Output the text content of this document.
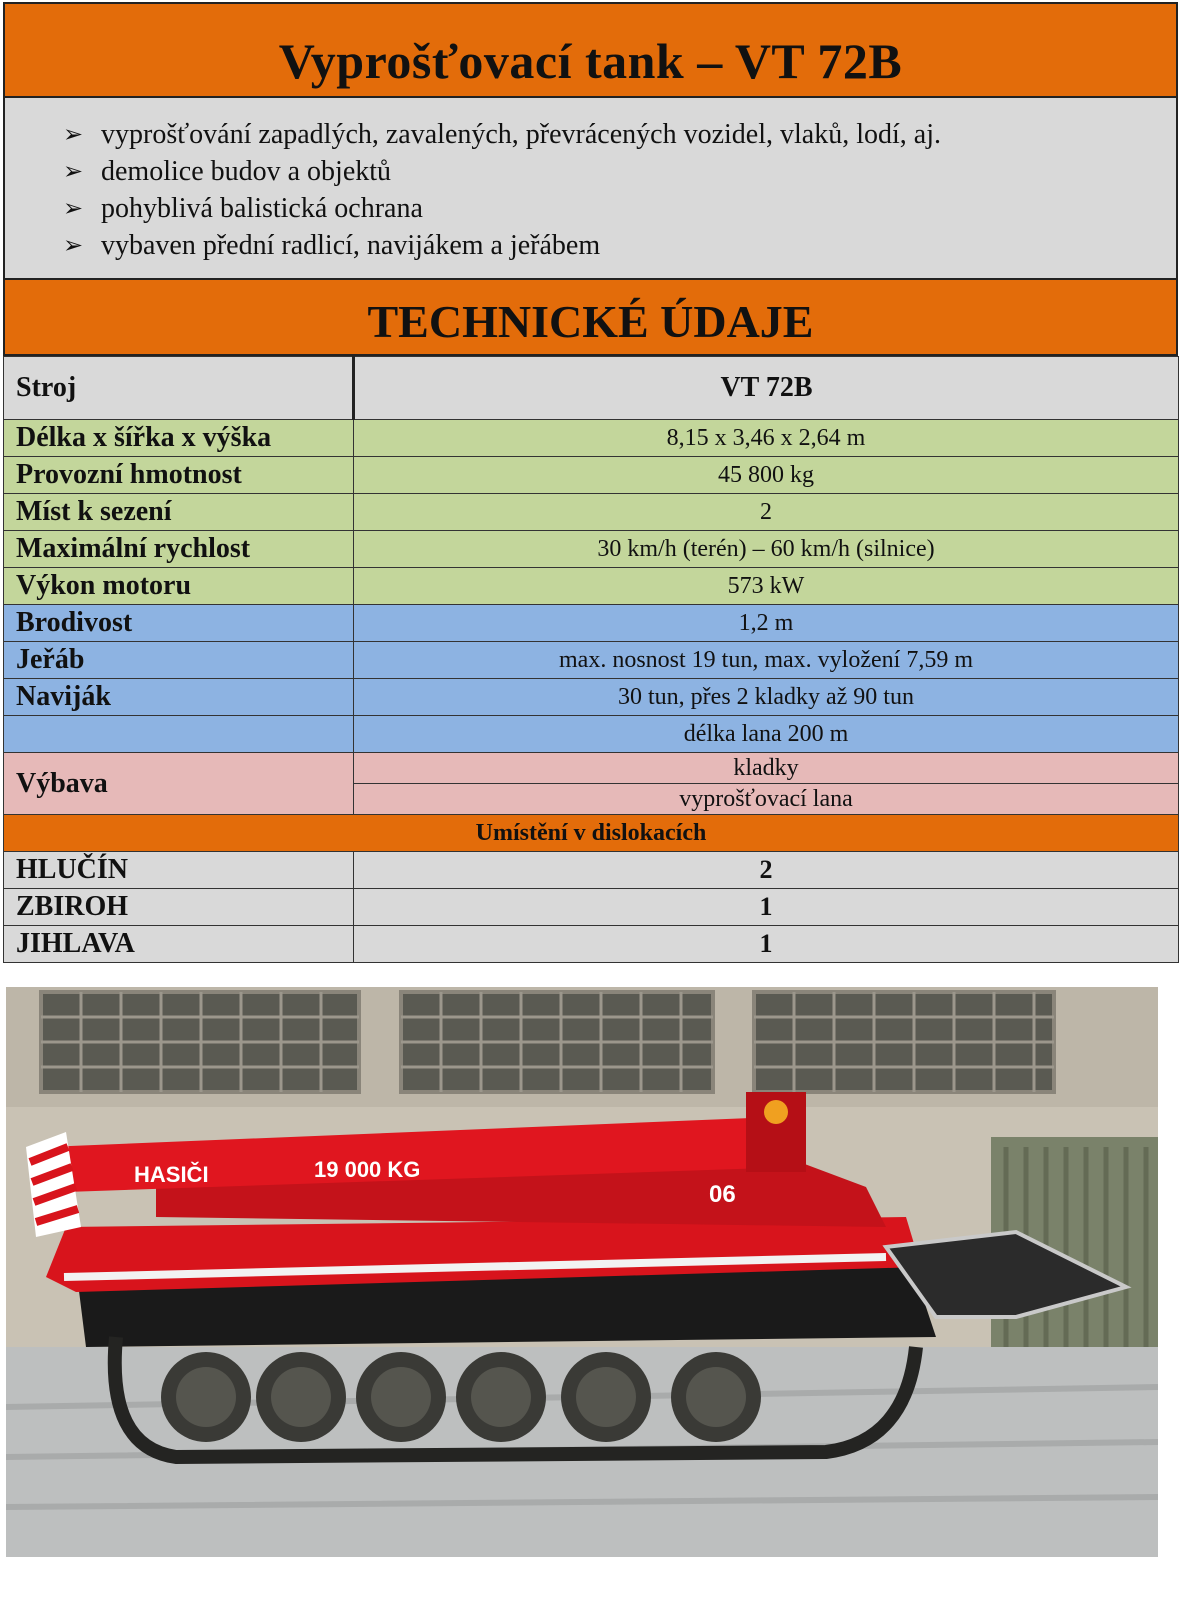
Vyprošťovací tank – VT 72B
➢ vyprošťování zapadlých, zavalených, převrácených vozidel, vlaků, lodí, aj.
➢ demolice budov a objektů
➢ pohyblivá balistická ochrana
➢ vybaven přední radlicí, navijákem a jeřábem
TECHNICKÉ ÚDAJE
Stroj	VT 72B
Délka x šířka x výška	8,15 x 3,46 x 2,64 m
Provozní hmotnost	45 800 kg
Míst k sezení	2
Maximální rychlost	30 km/h (terén) – 60 km/h (silnice)
Výkon motoru	573 kW
Brodivost	1,2 m
Jeřáb	max. nosnost 19 tun, max. vyložení 7,59 m
Naviják	30 tun, přes 2 kladky až 90 tun
	délka lana 200 m
Výbava	kladky
	vyprošťovací lana
Umístění v dislokacích	
HLUČÍN	2
ZBIROH	1
JIHLAVA	1
HASIČI	19 000 KG
06
